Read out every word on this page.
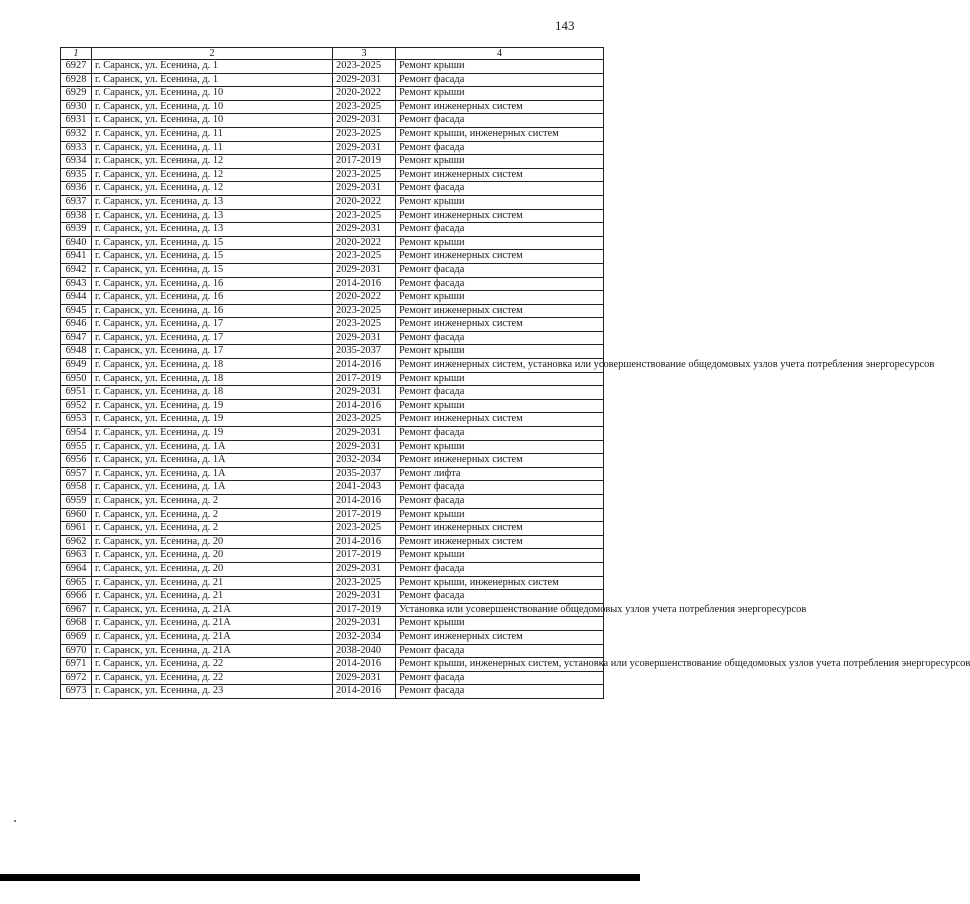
143
1	2	3	4
6927	г. Саранск, ул. Есенина, д. 1	2023-2025	Ремонт крыши
6928	г. Саранск, ул. Есенина, д. 1	2029-2031	Ремонт фасада
6929	г. Саранск, ул. Есенина, д. 10	2020-2022	Ремонт крыши
6930	г. Саранск, ул. Есенина, д. 10	2023-2025	Ремонт инженерных систем
6931	г. Саранск, ул. Есенина, д. 10	2029-2031	Ремонт фасада
6932	г. Саранск, ул. Есенина, д. 11	2023-2025	Ремонт крыши, инженерных систем
6933	г. Саранск, ул. Есенина, д. 11	2029-2031	Ремонт фасада
6934	г. Саранск, ул. Есенина, д. 12	2017-2019	Ремонт крыши
6935	г. Саранск, ул. Есенина, д. 12	2023-2025	Ремонт инженерных систем
6936	г. Саранск, ул. Есенина, д. 12	2029-2031	Ремонт фасада
6937	г. Саранск, ул. Есенина, д. 13	2020-2022	Ремонт крыши
6938	г. Саранск, ул. Есенина, д. 13	2023-2025	Ремонт инженерных систем
6939	г. Саранск, ул. Есенина, д. 13	2029-2031	Ремонт фасада
6940	г. Саранск, ул. Есенина, д. 15	2020-2022	Ремонт крыши
6941	г. Саранск, ул. Есенина, д. 15	2023-2025	Ремонт инженерных систем
6942	г. Саранск, ул. Есенина, д. 15	2029-2031	Ремонт фасада
6943	г. Саранск, ул. Есенина, д. 16	2014-2016	Ремонт фасада
6944	г. Саранск, ул. Есенина, д. 16	2020-2022	Ремонт крыши
6945	г. Саранск, ул. Есенина, д. 16	2023-2025	Ремонт инженерных систем
6946	г. Саранск, ул. Есенина, д. 17	2023-2025	Ремонт инженерных систем
6947	г. Саранск, ул. Есенина, д. 17	2029-2031	Ремонт фасада
6948	г. Саранск, ул. Есенина, д. 17	2035-2037	Ремонт крыши
6949	г. Саранск, ул. Есенина, д. 18	2014-2016	Ремонт инженерных систем, установка или усовершенствование общедомовых узлов учета потребления энергоресурсов
6950	г. Саранск, ул. Есенина, д. 18	2017-2019	Ремонт крыши
6951	г. Саранск, ул. Есенина, д. 18	2029-2031	Ремонт фасада
6952	г. Саранск, ул. Есенина, д. 19	2014-2016	Ремонт крыши
6953	г. Саранск, ул. Есенина, д. 19	2023-2025	Ремонт инженерных систем
6954	г. Саранск, ул. Есенина, д. 19	2029-2031	Ремонт фасада
6955	г. Саранск, ул. Есенина, д. 1А	2029-2031	Ремонт крыши
6956	г. Саранск, ул. Есенина, д. 1А	2032-2034	Ремонт инженерных систем
6957	г. Саранск, ул. Есенина, д. 1А	2035-2037	Ремонт лифта
6958	г. Саранск, ул. Есенина, д. 1А	2041-2043	Ремонт фасада
6959	г. Саранск, ул. Есенина, д. 2	2014-2016	Ремонт фасада
6960	г. Саранск, ул. Есенина, д. 2	2017-2019	Ремонт крыши
6961	г. Саранск, ул. Есенина, д. 2	2023-2025	Ремонт инженерных систем
6962	г. Саранск, ул. Есенина, д. 20	2014-2016	Ремонт инженерных систем
6963	г. Саранск, ул. Есенина, д. 20	2017-2019	Ремонт крыши
6964	г. Саранск, ул. Есенина, д. 20	2029-2031	Ремонт фасада
6965	г. Саранск, ул. Есенина, д. 21	2023-2025	Ремонт крыши, инженерных систем
6966	г. Саранск, ул. Есенина, д. 21	2029-2031	Ремонт фасада
6967	г. Саранск, ул. Есенина, д. 21А	2017-2019	Установка или усовершенствование общедомовых узлов учета потребления энергоресурсов
6968	г. Саранск, ул. Есенина, д. 21А	2029-2031	Ремонт крыши
6969	г. Саранск, ул. Есенина, д. 21А	2032-2034	Ремонт инженерных систем
6970	г. Саранск, ул. Есенина, д. 21А	2038-2040	Ремонт фасада
6971	г. Саранск, ул. Есенина, д. 22	2014-2016	Ремонт крыши, инженерных систем, установка или усовершенствование общедомовых узлов учета потребления энергоресурсов
6972	г. Саранск, ул. Есенина, д. 22	2029-2031	Ремонт фасада
6973	г. Саранск, ул. Есенина, д. 23	2014-2016	Ремонт фасада
